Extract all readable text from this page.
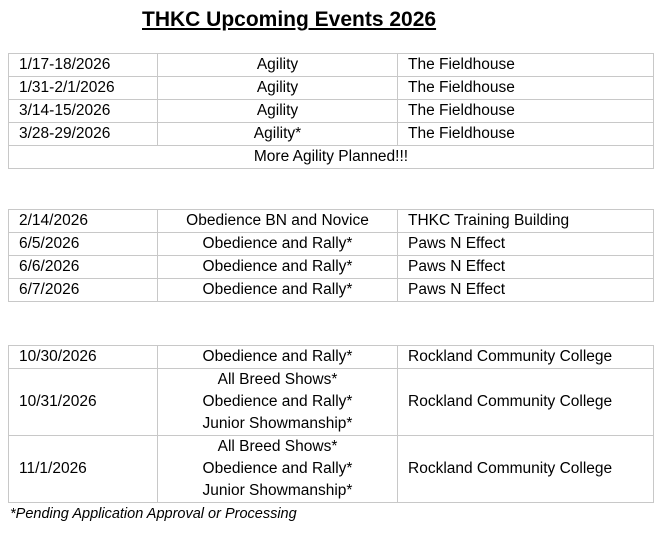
THKC Upcoming Events 2026
1/17-18/2026	Agility	The Fieldhouse
1/31-2/1/2026	Agility	The Fieldhouse
3/14-15/2026	Agility	The Fieldhouse
3/28-29/2026	Agility*	The Fieldhouse
More Agility Planned!!!		
2/14/2026	Obedience BN and Novice	THKC Training Building
6/5/2026	Obedience and Rally*	Paws N Effect
6/6/2026	Obedience and Rally*	Paws N Effect
6/7/2026	Obedience and Rally*	Paws N Effect
10/30/2026	Obedience and Rally*	Rockland Community College
10/31/2026	All Breed Shows*
Obedience and Rally*
Junior Showmanship*	Rockland Community College
11/1/2026	All Breed Shows*
Obedience and Rally*
Junior Showmanship*	Rockland Community College
*Pending Application Approval or Processing
